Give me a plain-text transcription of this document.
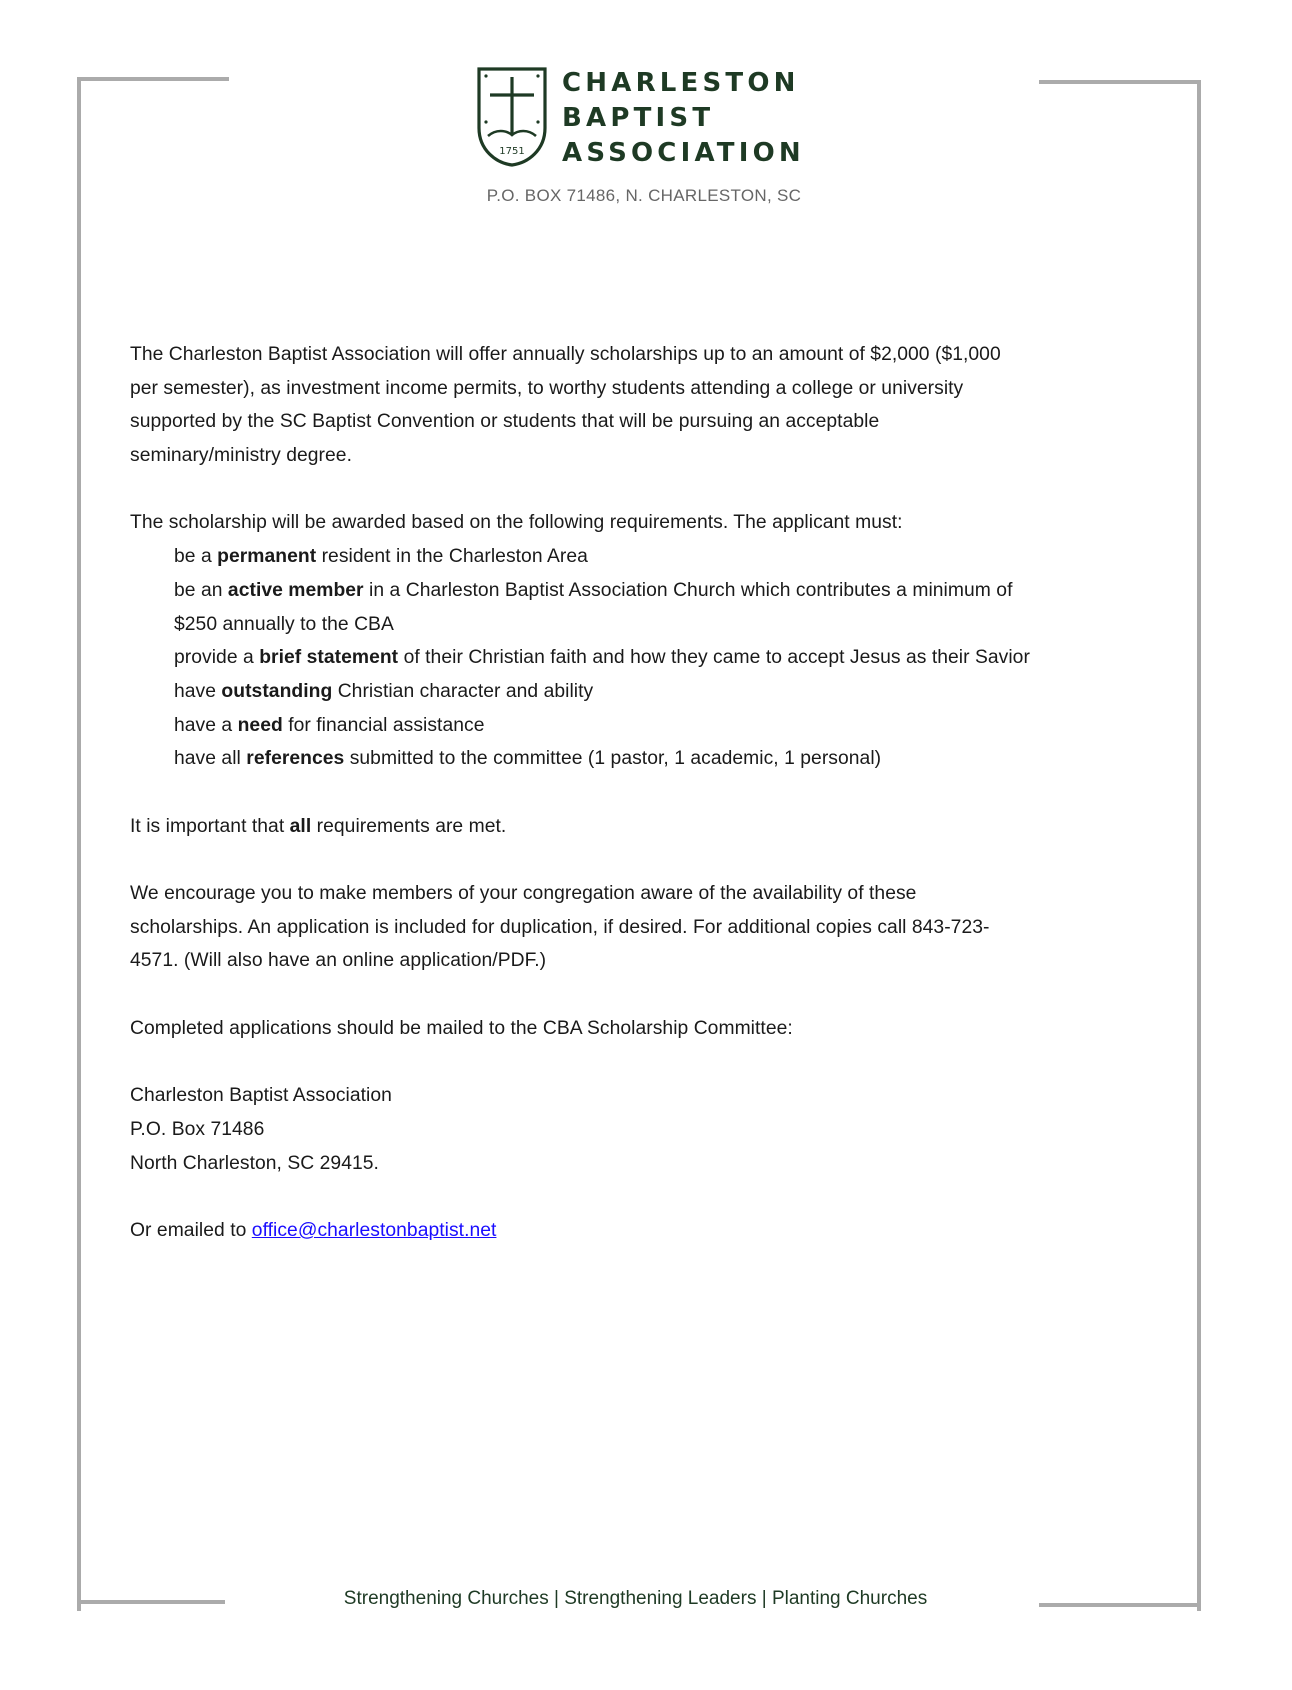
1751
CHARLESTON
BAPTIST
ASSOCIATION
P.O. BOX 71486, N. CHARLESTON, SC
The Charleston Baptist Association will offer annually scholarships up to an amount of $2,000 ($1,000
per semester), as investment income permits, to worthy students attending a college or university
supported by the SC Baptist Convention or students that will be pursuing an acceptable
seminary/ministry degree.
The scholarship will be awarded based on the following requirements. The applicant must:
be a permanent resident in the Charleston Area
be an active member in a Charleston Baptist Association Church which contributes a minimum of
$250 annually to the CBA
provide a brief statement of their Christian faith and how they came to accept Jesus as their Savior
have outstanding Christian character and ability
have a need for financial assistance
have all references submitted to the committee (1 pastor, 1 academic, 1 personal)
It is important that all requirements are met.
We encourage you to make members of your congregation aware of the availability of these
scholarships. An application is included for duplication, if desired. For additional copies call 843-723-
4571. (Will also have an online application/PDF.)
Completed applications should be mailed to the CBA Scholarship Committee:
Charleston Baptist Association
P.O. Box 71486
North Charleston, SC 29415.
Or emailed to office@charlestonbaptist.net
Strengthening Churches | Strengthening Leaders | Planting Churches
